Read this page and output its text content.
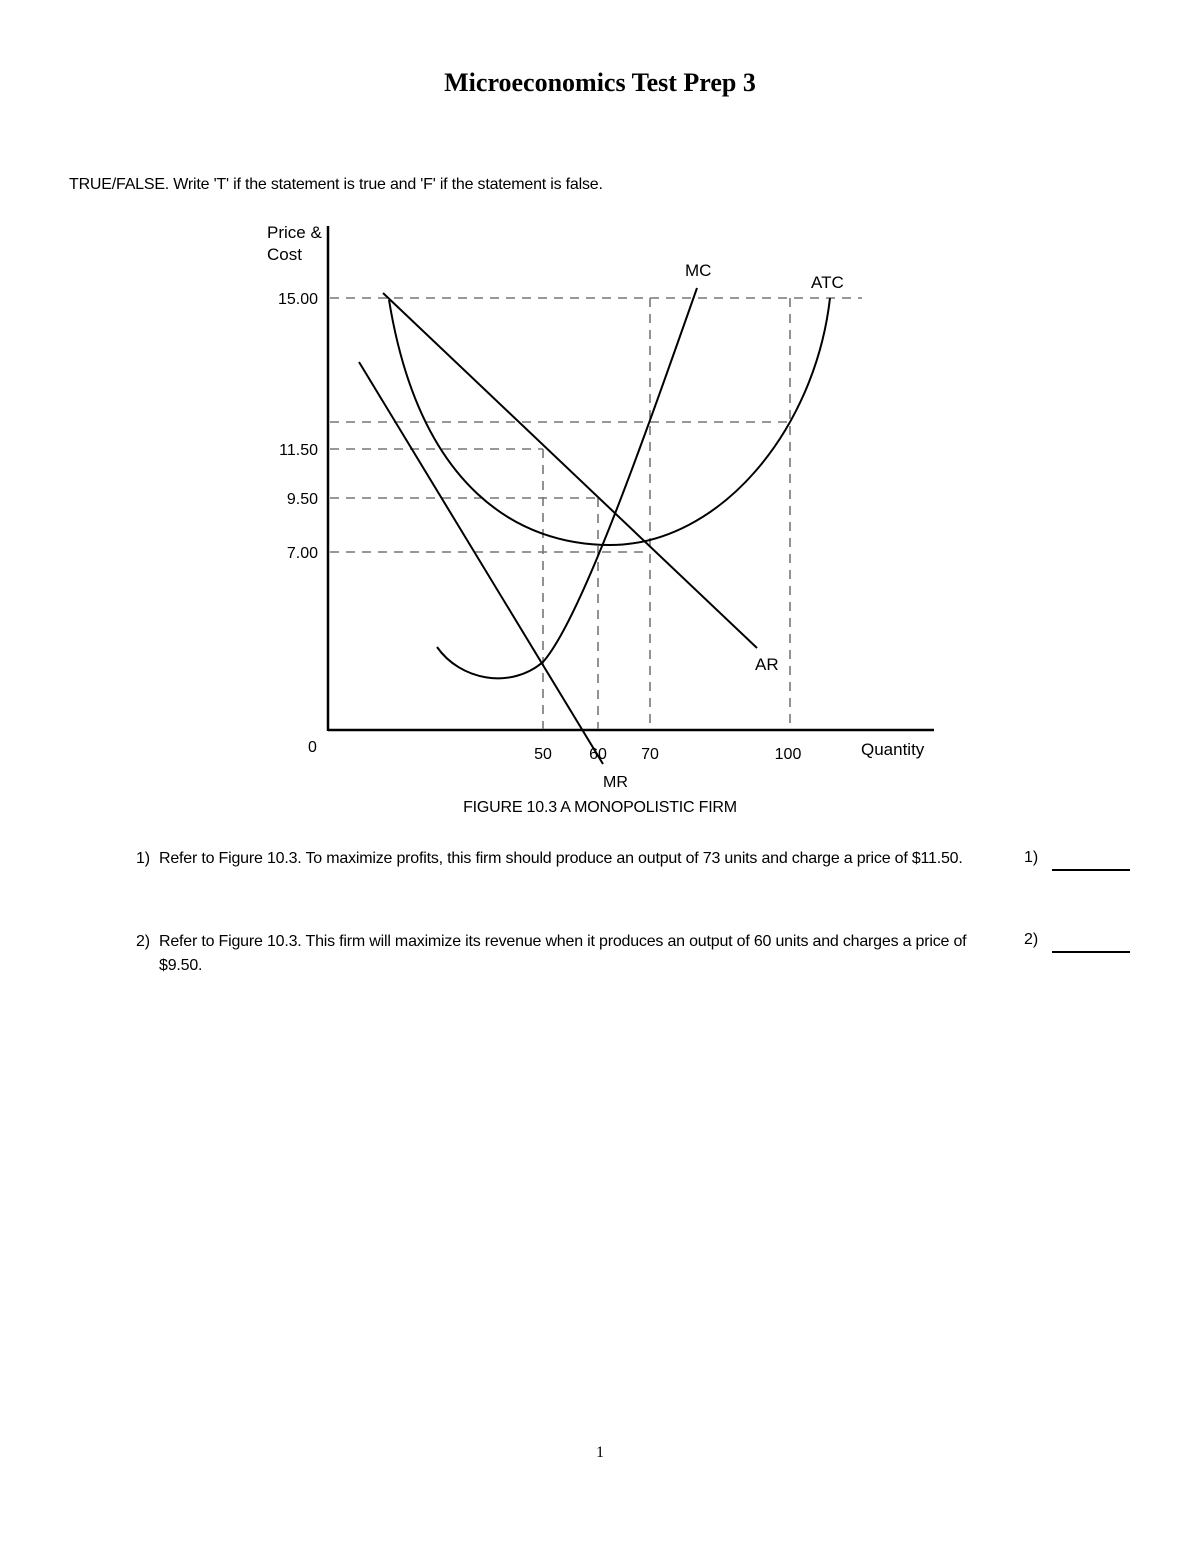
Microeconomics Test Prep 3
TRUE/FALSE. Write 'T' if the statement is true and 'F' if the statement is false.
Price &
Cost
15.00
11.50
9.50
7.00
0	50 60 70	100	Quantity
MC
ATC
AR
MR
FIGURE 10.3 A MONOPOLISTIC FIRM
1) Refer to Figure 10.3. To maximize profits, this firm should produce an output of 73 units and charge a price of $11.50.	1)
2) Refer to Figure 10.3. This firm will maximize its revenue when it produces an output of 60 units and charges a price of $9.50.
2)
1
